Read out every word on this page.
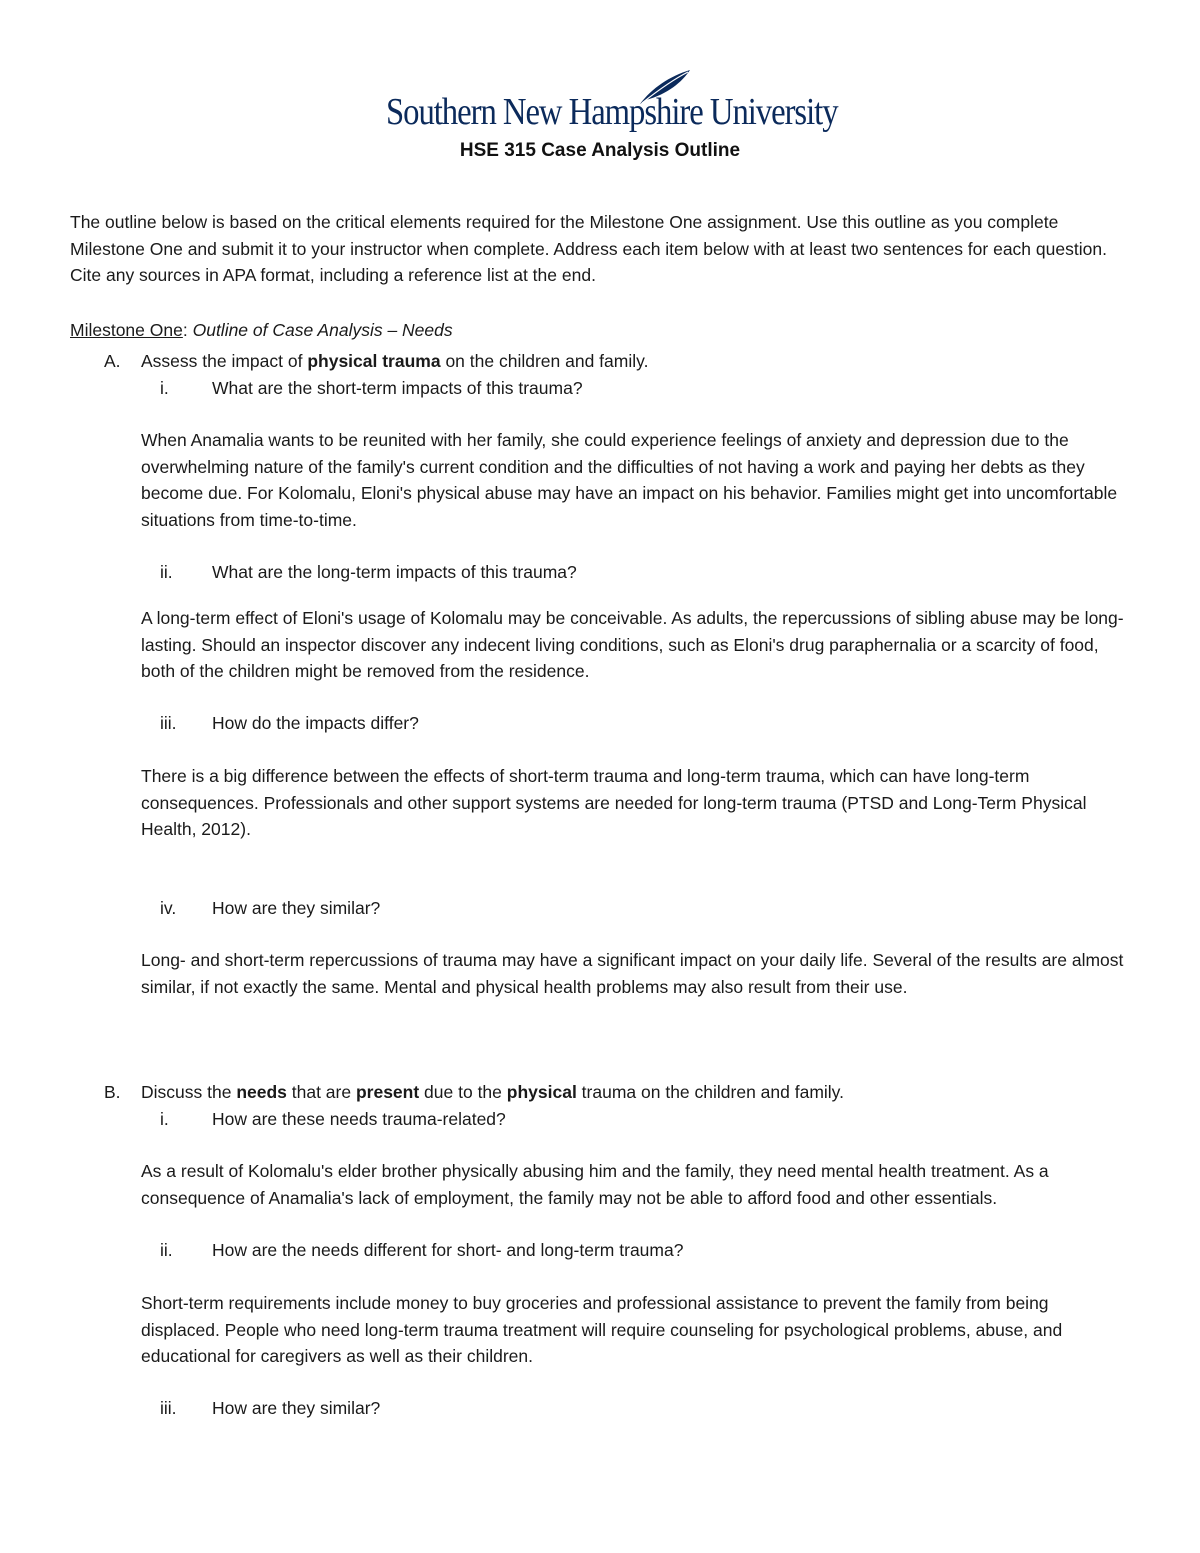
Southern New Hampshire University
HSE 315 Case Analysis Outline
The outline below is based on the critical elements required for the Milestone One assignment. Use this outline as you complete Milestone One and submit it to your instructor when complete. Address each item below with at least two sentences for each question. Cite any sources in APA format, including a reference list at the end.
Milestone One: Outline of Case Analysis – Needs
A. Assess the impact of physical trauma on the children and family.
i. What are the short-term impacts of this trauma?
When Anamalia wants to be reunited with her family, she could experience feelings of anxiety and depression due to the overwhelming nature of the family's current condition and the difficulties of not having a work and paying her debts as they become due. For Kolomalu, Eloni's physical abuse may have an impact on his behavior. Families might get into uncomfortable situations from time-to-time.
ii. What are the long-term impacts of this trauma?
A long-term effect of Eloni's usage of Kolomalu may be conceivable. As adults, the repercussions of sibling abuse may be long-lasting. Should an inspector discover any indecent living conditions, such as Eloni's drug paraphernalia or a scarcity of food, both of the children might be removed from the residence.
iii. How do the impacts differ?
There is a big difference between the effects of short-term trauma and long-term trauma, which can have long-term consequences. Professionals and other support systems are needed for long-term trauma (PTSD and Long-Term Physical Health, 2012).
iv. How are they similar?
Long- and short-term repercussions of trauma may have a significant impact on your daily life. Several of the results are almost similar, if not exactly the same. Mental and physical health problems may also result from their use.
B. Discuss the needs that are present due to the physical trauma on the children and family.
i. How are these needs trauma-related?
As a result of Kolomalu's elder brother physically abusing him and the family, they need mental health treatment. As a consequence of Anamalia's lack of employment, the family may not be able to afford food and other essentials.
ii. How are the needs different for short- and long-term trauma?
Short-term requirements include money to buy groceries and professional assistance to prevent the family from being displaced. People who need long-term trauma treatment will require counseling for psychological problems, abuse, and educational for caregivers as well as their children.
iii. How are they similar?
